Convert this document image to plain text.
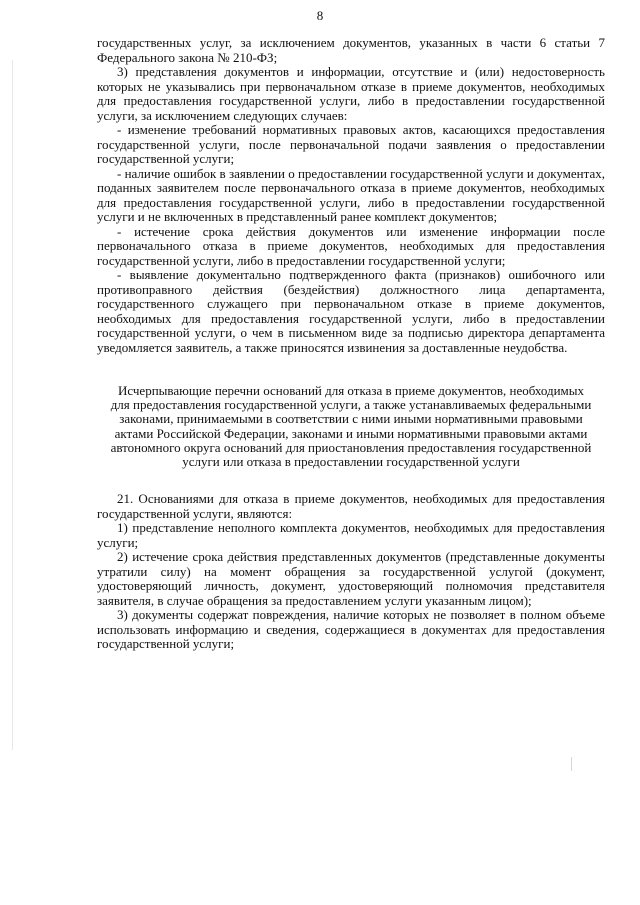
8

государственных услуг, за исключением документов, указанных в части 6 статьи 7 Федерального закона № 210-ФЗ;

3) представления документов и информации, отсутствие и (или) недостоверность которых не указывались при первоначальном отказе в приеме документов, необходимых для предоставления государственной услуги, либо в предоставлении государственной услуги, за исключением следующих случаев:

- изменение требований нормативных правовых актов, касающихся предоставления государственной услуги, после первоначальной подачи заявления о предоставлении государственной услуги;

- наличие ошибок в заявлении о предоставлении государственной услуги и документах, поданных заявителем после первоначального отказа в приеме документов, необходимых для предоставления государственной услуги, либо в предоставлении государственной услуги и не включенных в представленный ранее комплект документов;

- истечение срока действия документов или изменение информации после первоначального отказа в приеме документов, необходимых для предоставления государственной услуги, либо в предоставлении государственной услуги;

- выявление документально подтвержденного факта (признаков) ошибочного или противоправного действия (бездействия) должностного лица департамента, государственного служащего при первоначальном отказе в приеме документов, необходимых для предоставления государственной услуги, либо в предоставлении государственной услуги, о чем в письменном виде за подписью директора департамента уведомляется заявитель, а также приносятся извинения за доставленные неудобства.

Исчерпывающие перечни оснований для отказа в приеме документов, необходимых для предоставления государственной услуги, а также устанавливаемых федеральными законами, принимаемыми в соответствии с ними иными нормативными правовыми актами Российской Федерации, законами и иными нормативными правовыми актами автономного округа оснований для приостановления предоставления государственной услуги или отказа в предоставлении государственной услуги

21. Основаниями для отказа в приеме документов, необходимых для предоставления государственной услуги, являются:

1) представление неполного комплекта документов, необходимых для предоставления услуги;

2) истечение срока действия представленных документов (представленные документы утратили силу) на момент обращения за государственной услугой (документ, удостоверяющий личность, документ, удостоверяющий полномочия представителя заявителя, в случае обращения за предоставлением услуги указанным лицом);

3) документы содержат повреждения, наличие которых не позволяет в полном объеме использовать информацию и сведения, содержащиеся в документах для предоставления государственной услуги;
